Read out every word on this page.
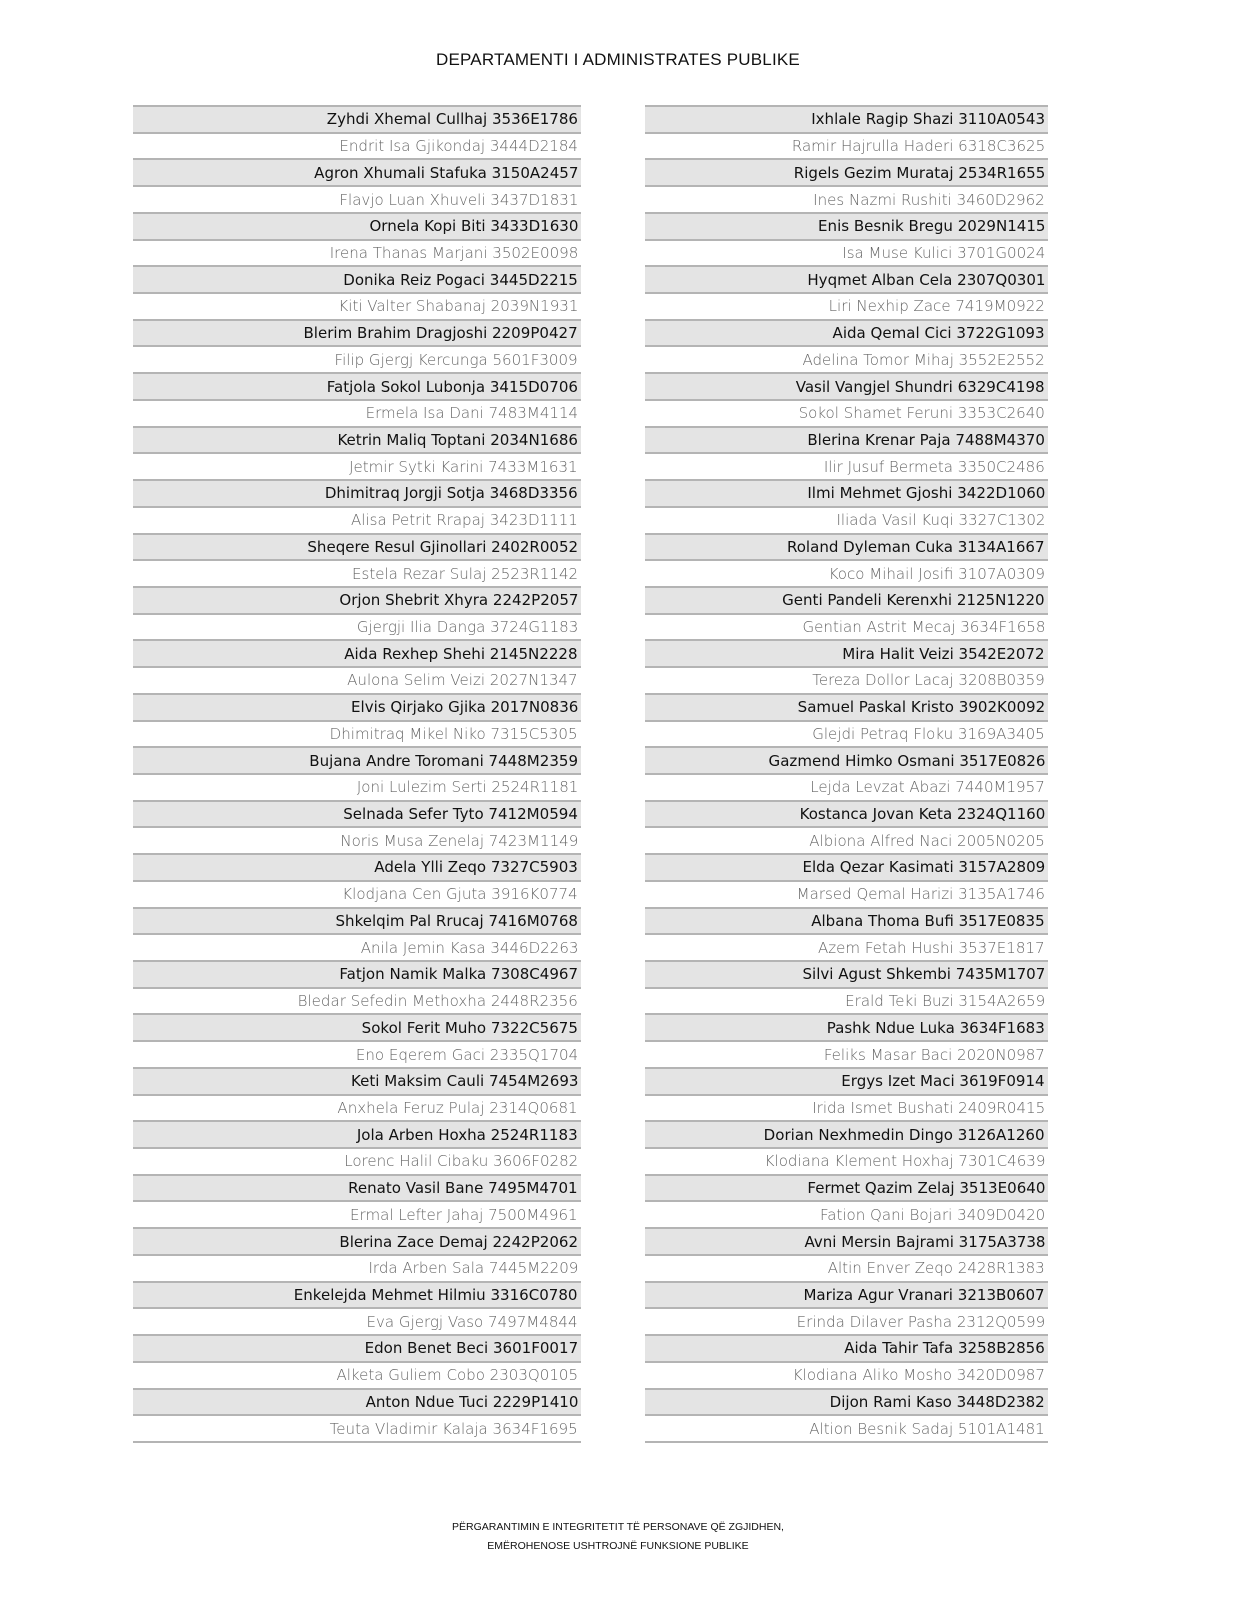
DEPARTAMENTI I ADMINISTRATES PUBLIKE
Zyhdi Xhemal Cullhaj 3536E1786
Endrit Isa Gjikondaj 3444D2184
Agron Xhumali Stafuka 3150A2457
Flavjo Luan Xhuveli 3437D1831
Ornela Kopi Biti 3433D1630
Irena Thanas Marjani 3502E0098
Donika Reiz Pogaci 3445D2215
Kiti Valter Shabanaj 2039N1931
Blerim Brahim Dragjoshi 2209P0427
Filip Gjergj Kercunga 5601F3009
Fatjola Sokol Lubonja 3415D0706
Ermela Isa Dani 7483M4114
Ketrin Maliq Toptani 2034N1686
Jetmir Sytki Karini 7433M1631
Dhimitraq Jorgji Sotja 3468D3356
Alisa Petrit Rrapaj 3423D1111
Sheqere Resul Gjinollari 2402R0052
Estela Rezar Sulaj 2523R1142
Orjon Shebrit Xhyra 2242P2057
Gjergji Ilia Danga 3724G1183
Aida Rexhep Shehi 2145N2228
Aulona Selim Veizi 2027N1347
Elvis Qirjako Gjika 2017N0836
Dhimitraq Mikel Niko 7315C5305
Bujana Andre Toromani 7448M2359
Joni Lulezim Serti 2524R1181
Selnada Sefer Tyto 7412M0594
Noris Musa Zenelaj 7423M1149
Adela Ylli Zeqo 7327C5903
Klodjana Cen Gjuta 3916K0774
Shkelqim Pal Rrucaj 7416M0768
Anila Jemin Kasa 3446D2263
Fatjon Namik Malka 7308C4967
Bledar Sefedin Methoxha 2448R2356
Sokol Ferit Muho 7322C5675
Eno Eqerem Gaci 2335Q1704
Keti Maksim Cauli 7454M2693
Anxhela Feruz Pulaj 2314Q0681
Jola Arben Hoxha 2524R1183
Lorenc Halil Cibaku 3606F0282
Renato Vasil Bane 7495M4701
Ermal Lefter Jahaj 7500M4961
Blerina Zace Demaj 2242P2062
Irda Arben Sala 7445M2209
Enkelejda Mehmet Hilmiu 3316C0780
Eva Gjergj Vaso 7497M4844
Edon Benet Beci 3601F0017
Alketa Guliem Cobo 2303Q0105
Anton Ndue Tuci 2229P1410
Teuta Vladimir Kalaja 3634F1695
Ixhlale Ragip Shazi 3110A0543
Ramir Hajrulla Haderi 6318C3625
Rigels Gezim Murataj 2534R1655
Ines Nazmi Rushiti 3460D2962
Enis Besnik Bregu 2029N1415
Isa Muse Kulici 3701G0024
Hyqmet Alban Cela 2307Q0301
Liri Nexhip Zace 7419M0922
Aida Qemal Cici 3722G1093
Adelina Tomor Mihaj 3552E2552
Vasil Vangjel Shundri 6329C4198
Sokol Shamet Feruni 3353C2640
Blerina Krenar Paja 7488M4370
Ilir Jusuf Bermeta 3350C2486
Ilmi Mehmet Gjoshi 3422D1060
Iliada Vasil Kuqi 3327C1302
Roland Dyleman Cuka 3134A1667
Koco Mihail Josifi 3107A0309
Genti Pandeli Kerenxhi 2125N1220
Gentian Astrit Mecaj 3634F1658
Mira Halit Veizi 3542E2072
Tereza Dollor Lacaj 3208B0359
Samuel Paskal Kristo 3902K0092
Glejdi Petraq Floku 3169A3405
Gazmend Himko Osmani 3517E0826
Lejda Levzat Abazi 7440M1957
Kostanca Jovan Keta 2324Q1160
Albiona Alfred Naci 2005N0205
Elda Qezar Kasimati 3157A2809
Marsed Qemal Harizi 3135A1746
Albana Thoma Bufi 3517E0835
Azem Fetah Hushi 3537E1817
Silvi Agust Shkembi 7435M1707
Erald Teki Buzi 3154A2659
Pashk Ndue Luka 3634F1683
Feliks Masar Baci 2020N0987
Ergys Izet Maci 3619F0914
Irida Ismet Bushati 2409R0415
Dorian Nexhmedin Dingo 3126A1260
Klodiana Klement Hoxhaj 7301C4639
Fermet Qazim Zelaj 3513E0640
Fation Qani Bojari 3409D0420
Avni Mersin Bajrami 3175A3738
Altin Enver Zeqo 2428R1383
Mariza Agur Vranari 3213B0607
Erinda Dilaver Pasha 2312Q0599
Aida Tahir Tafa 3258B2856
Klodiana Aliko Mosho 3420D0987
Dijon Rami Kaso 3448D2382
Altion Besnik Sadaj 5101A1481
PËRGARANTIMIN E INTEGRITETIT TË PERSONAVE QË ZGJIDHEN,
EMËROHENOSE USHTROJNË FUNKSIONE PUBLIKE
